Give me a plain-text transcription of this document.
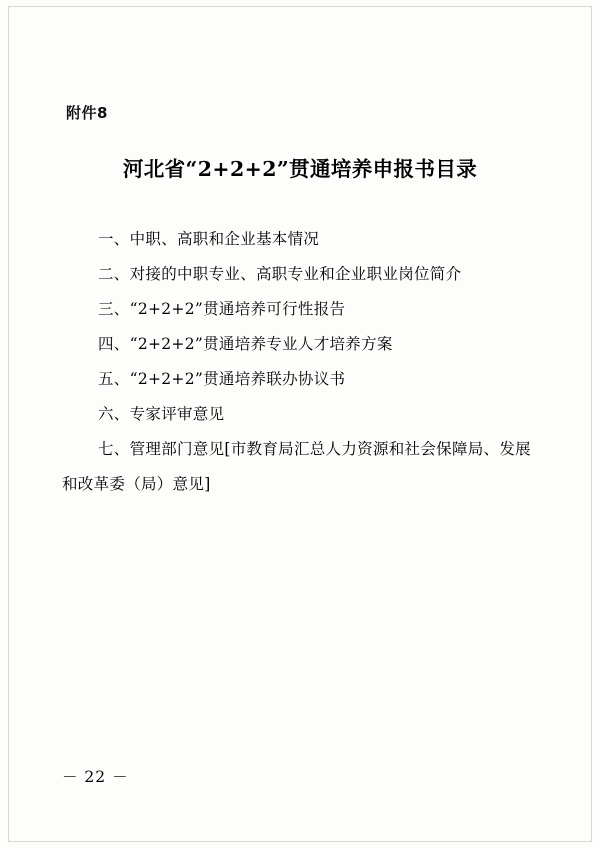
附件8
河北省“2+2+2”贯通培养申报书目录
一、中职、高职和企业基本情况
二、对接的中职专业、高职专业和企业职业岗位简介
三、“2+2+2”贯通培养可行性报告
四、“2+2+2”贯通培养专业人才培养方案
五、“2+2+2”贯通培养联办协议书
六、专家评审意见
七、管理部门意见[市教育局汇总人力资源和社会保障局、发展和改革委（局）意见]
－ 22 －
